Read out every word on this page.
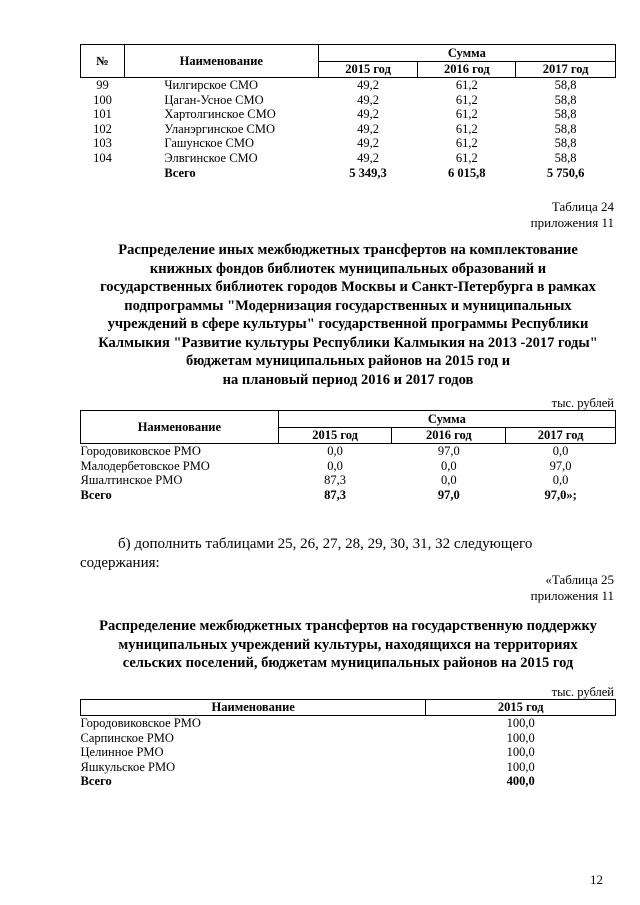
№	Наименование	Сумма		
		2015 год	2016 год	2017 год
99	Чилгирское СМО	49,2	61,2	58,8
100	Цаган-Усное СМО	49,2	61,2	58,8
101	Хартолгинское СМО	49,2	61,2	58,8
102	Уланэргинское СМО	49,2	61,2	58,8
103	Гашунское СМО	49,2	61,2	58,8
104	Элвгинское СМО	49,2	61,2	58,8
	Всего	5 349,3	6 015,8	5 750,6
Таблица 24
приложения 11
Распределение иных межбюджетных трансфертов на комплектование
книжных фондов библиотек муниципальных образований и
государственных библиотек городов Москвы и Санкт-Петербурга в рамках
подпрограммы "Модернизация государственных и муниципальных
учреждений в сфере культуры" государственной программы Республики
Калмыкия "Развитие культуры Республики Калмыкия на 2013 -2017 годы"
бюджетам муниципальных районов на 2015 год и
на плановый период 2016 и 2017 годов
тыс. рублей
Наименование	Сумма		
	2015 год	2016 год	2017 год
Городовиковское РМО	0,0	97,0	0,0
Малодербетовское РМО	0,0	0,0	97,0
Яшалтинское РМО	87,3	0,0	0,0
Всего	87,3	97,0	97,0»;
б) дополнить таблицами 25, 26, 27, 28, 29, 30, 31, 32 следующего
содержания:
«Таблица 25
приложения 11
Распределение межбюджетных трансфертов на государственную поддержку
муниципальных учреждений культуры, находящихся на территориях
сельских поселений, бюджетам муниципальных районов на 2015 год
тыс. рублей
Наименование	2015 год
Городовиковское РМО	100,0
Сарпинское РМО	100,0
Целинное РМО	100,0
Яшкульское РМО	100,0
Всего	400,0
12
